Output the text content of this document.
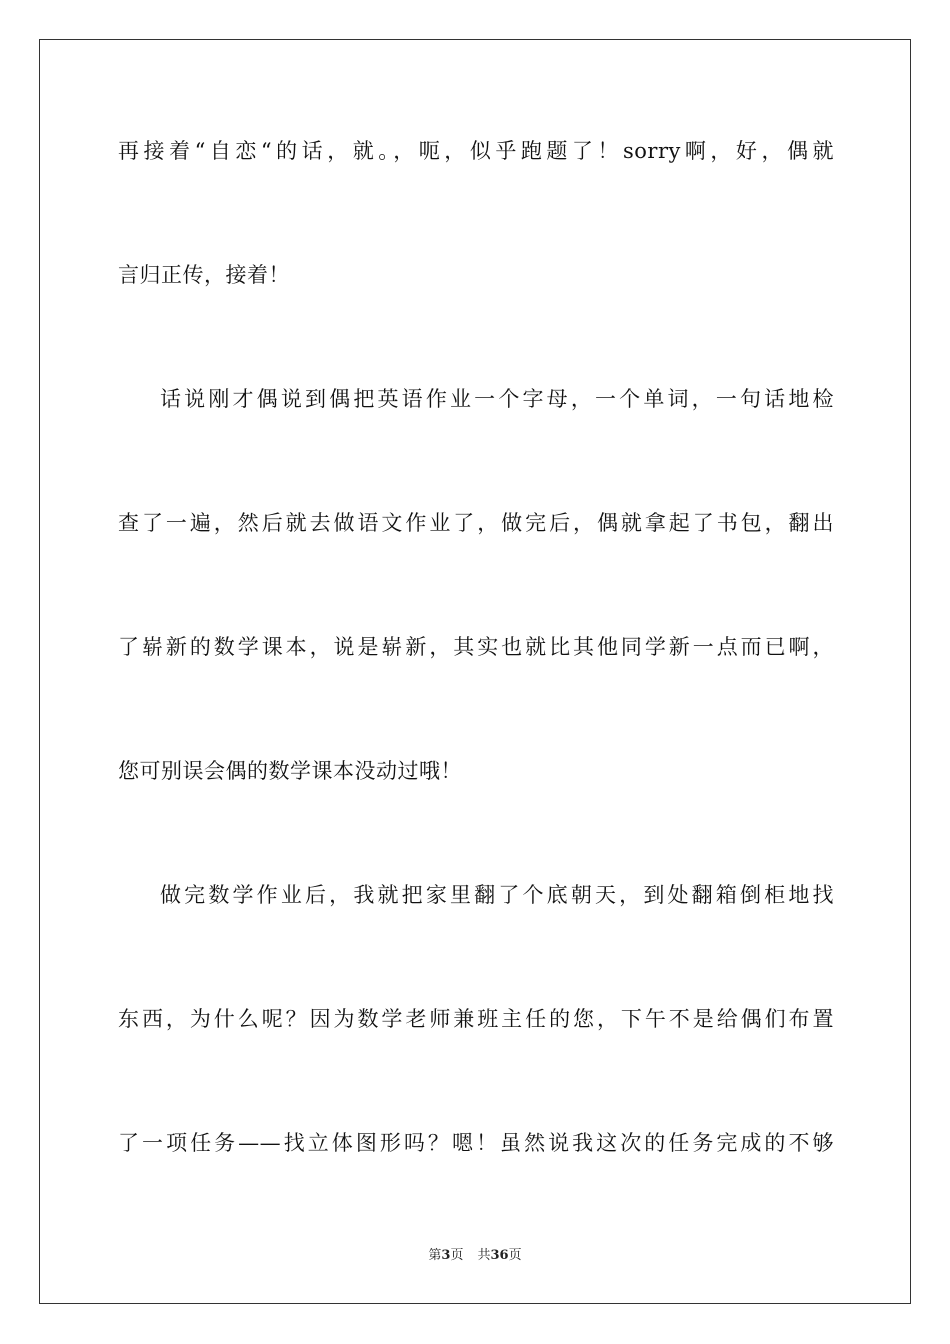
再接着“自恋“的话，就。，呃，似乎跑题了！sorry啊，好，偶就
言归正传，接着！
话说刚才偶说到偶把英语作业一个字母，一个单词，一句话地检
查了一遍，然后就去做语文作业了，做完后，偶就拿起了书包，翻出
了崭新的数学课本，说是崭新，其实也就比其他同学新一点而已啊，
您可别误会偶的数学课本没动过哦！
做完数学作业后，我就把家里翻了个底朝天，到处翻箱倒柜地找
东西，为什么呢？因为数学老师兼班主任的您，下午不是给偶们布置
了一项任务——找立体图形吗？嗯！虽然说我这次的任务完成的不够
第3页 共36页
